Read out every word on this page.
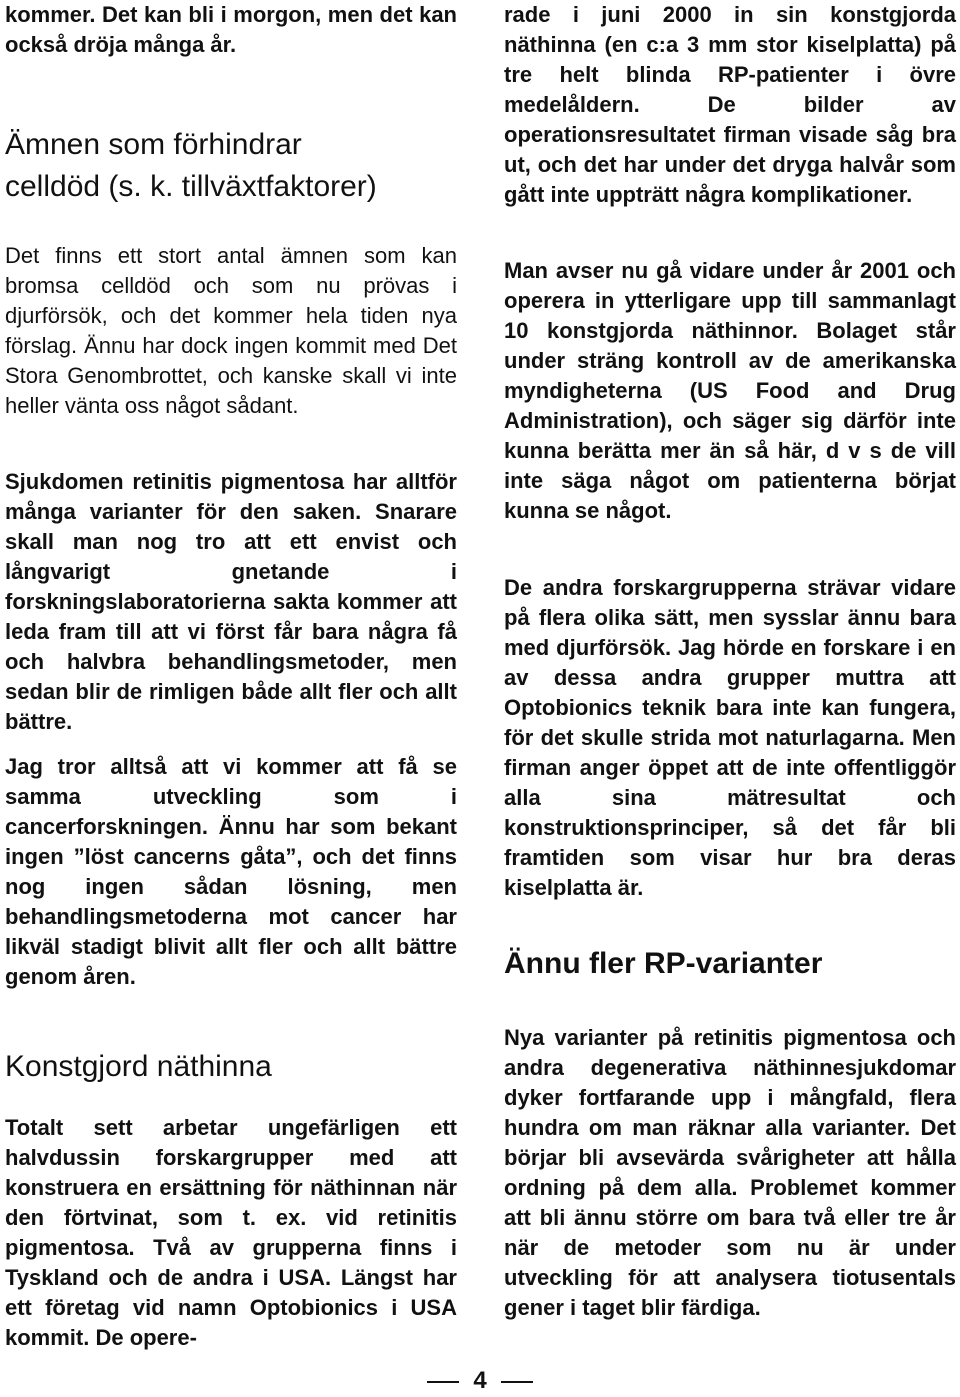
kommer. Det kan bli i morgon, men det kan också dröja många år.

Ämnen som förhindrar
celldöd (s. k. tillväxtfaktorer)

Det finns ett stort antal ämnen som kan bromsa celldöd och som nu prövas i djurförsök, och det kommer hela tiden nya förslag. Ännu har dock ingen kommit med Det Stora Genombrottet, och kanske skall vi inte heller vänta oss något sådant.

Sjukdomen retinitis pigmentosa har alltför många varianter för den saken. Snarare skall man nog tro att ett envist och långvarigt gnetande i forskningslaboratorierna sakta kommer att leda fram till att vi först får bara några få och halvbra behandlingsmetoder, men sedan blir de rimligen både allt fler och allt bättre.

Jag tror alltså att vi kommer att få se samma utveckling som i cancerforskningen. Ännu har som bekant ingen ”löst cancerns gåta”, och det finns nog ingen sådan lösning, men behandlingsmetoderna mot cancer har likväl stadigt blivit allt fler och allt bättre genom åren.

Konstgjord näthinna

Totalt sett arbetar ungefärligen ett halvdussin forskargrupper med att konstruera en ersättning för näthinnan när den förtvinat, som t. ex. vid retinitis pigmentosa. Två av grupperna finns i Tyskland och de andra i USA. Längst har ett företag vid namn Optobionics i USA kommit. De opere-

rade i juni 2000 in sin konstgjorda näthinna (en c:a 3 mm stor kiselplatta) på tre helt blinda RP-patienter i övre medelåldern. De bilder av operationsresultatet firman visade såg bra ut, och det har under det dryga halvår som gått inte uppträtt några komplikationer.

Man avser nu gå vidare under år 2001 och operera in ytterligare upp till sammanlagt 10 konstgjorda näthinnor. Bolaget står under sträng kontroll av de amerikanska myndigheterna (US Food and Drug Administration), och säger sig därför inte kunna berätta mer än så här, d v s de vill inte säga något om patienterna börjat kunna se något.

De andra forskargrupperna strävar vidare på flera olika sätt, men sysslar ännu bara med djurförsök. Jag hörde en forskare i en av dessa andra grupper muttra att Optobionics teknik bara inte kan fungera, för det skulle strida mot naturlagarna. Men firman anger öppet att de inte offentliggör alla sina mätresultat och konstruktionsprinciper, så det får bli framtiden som visar hur bra deras kiselplatta är.

Ännu fler RP-varianter

Nya varianter på retinitis pigmentosa och andra degenerativa näthinnesjukdomar dyker fortfarande upp i mångfald, flera hundra om man räknar alla varianter. Det börjar bli avsevärda svårigheter att hålla ordning på dem alla. Problemet kommer att bli ännu större om bara två eller tre år när de metoder som nu är under utveckling för att analysera tiotusentals gener i taget blir färdiga.

4
